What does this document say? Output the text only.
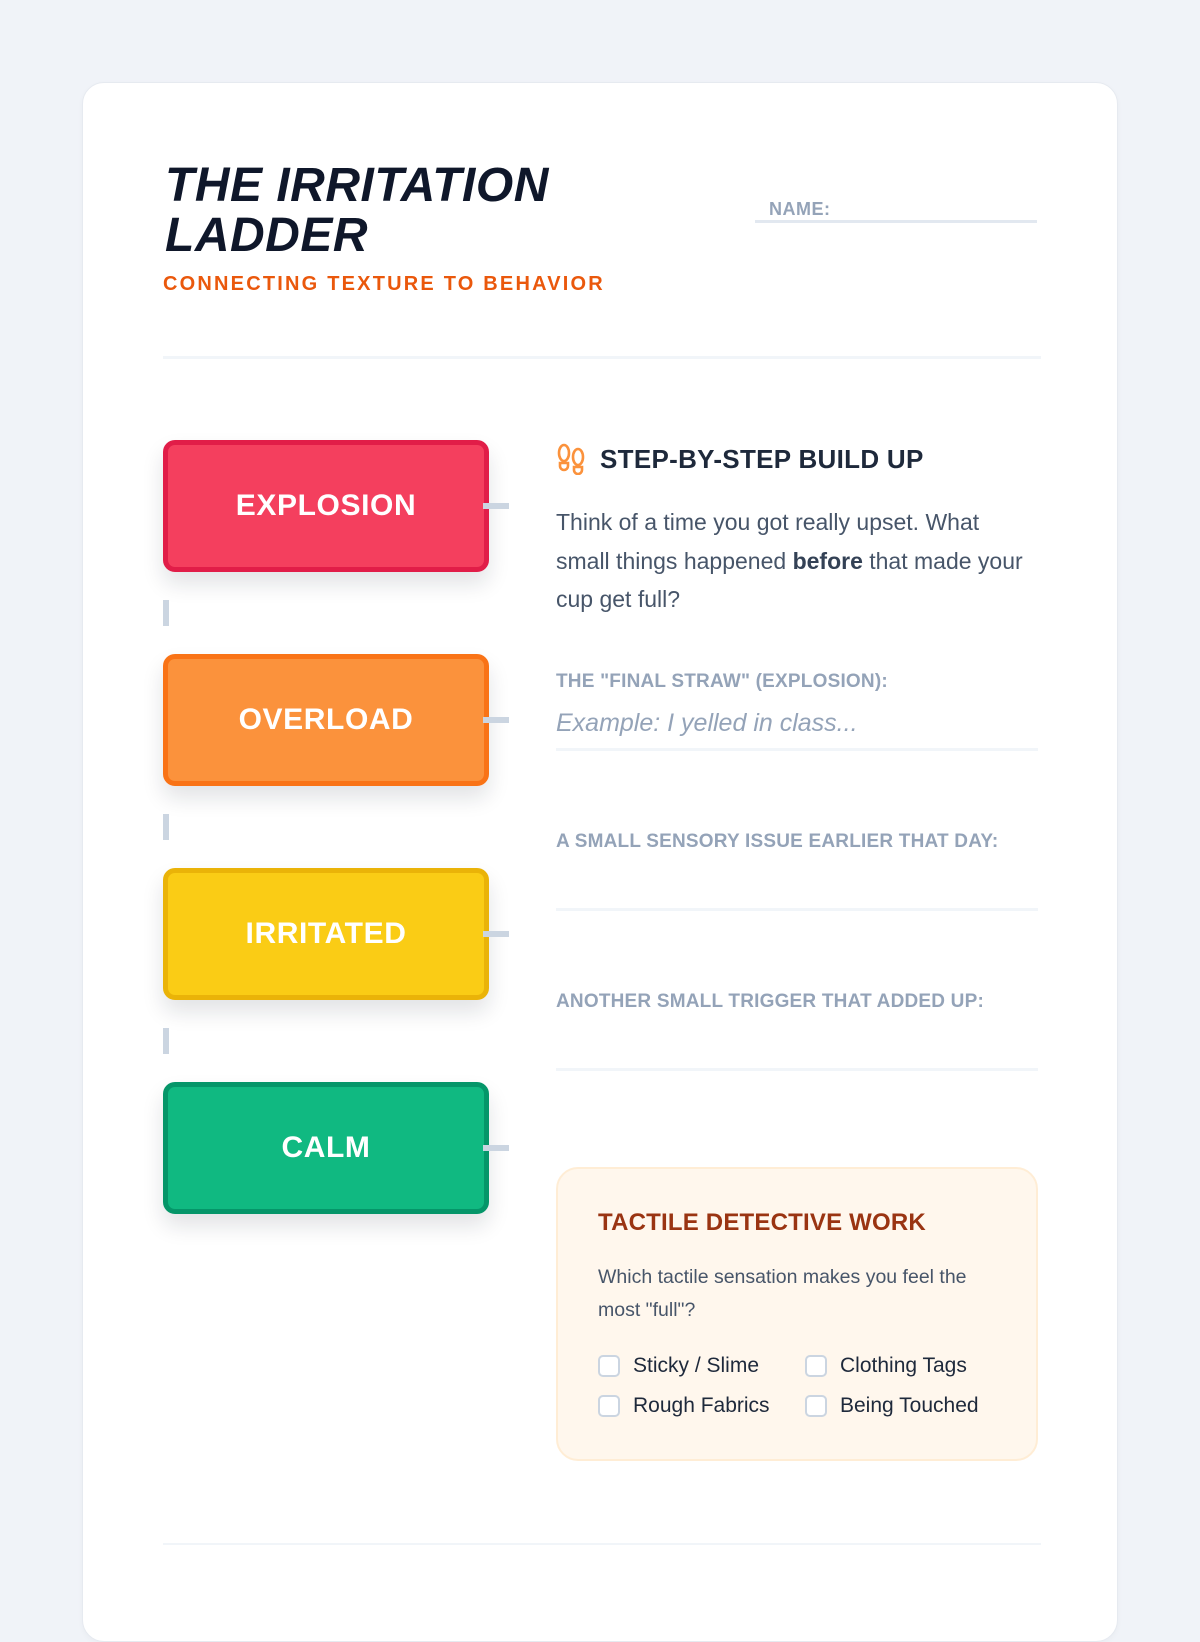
THE IRRITATION LADDER
CONNECTING TEXTURE TO BEHAVIOR
NAME:
EXPLOSION
OVERLOAD
IRRITATED
CALM
STEP-BY-STEP BUILD UP

Think of a time you got really upset. What small things happened before that made your cup get full?

THE "FINAL STRAW" (EXPLOSION):
Example: I yelled in class...
A SMALL SENSORY ISSUE EARLIER THAT DAY:
ANOTHER SMALL TRIGGER THAT ADDED UP:
TACTILE DETECTIVE WORK

Which tactile sensation makes you feel the most "full"?

Sticky / Slime	Clothing Tags
Rough Fabrics	Being Touched
